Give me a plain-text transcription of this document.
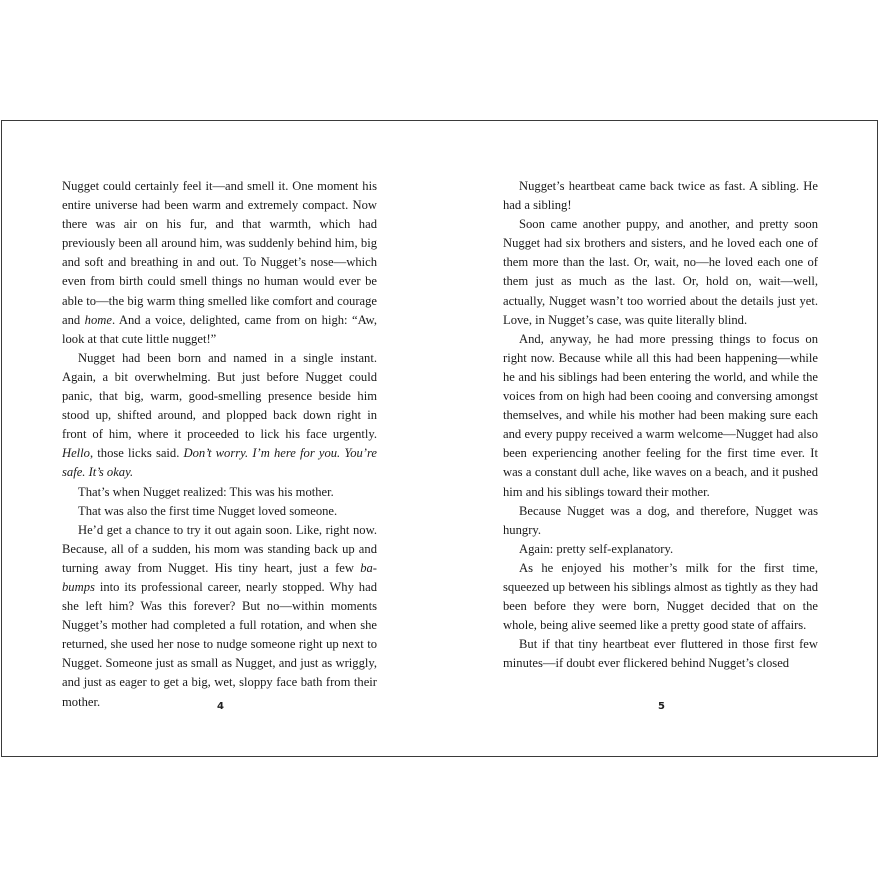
Nugget could certainly feel it—and smell it. One moment his entire universe had been warm and extremely compact. Now there was air on his fur, and that warmth, which had previously been all around him, was suddenly behind him, big and soft and breathing in and out. To Nugget’s nose—which even from birth could smell things no human would ever be able to—the big warm thing smelled like comfort and courage and home. And a voice, delighted, came from on high: “Aw, look at that cute little nugget!”

Nugget had been born and named in a single instant. Again, a bit overwhelming. But just before Nugget could panic, that big, warm, good-smelling presence beside him stood up, shifted around, and plopped back down right in front of him, where it proceeded to lick his face urgently. Hello, those licks said. Don’t worry. I’m here for you. You’re safe. It’s okay.

That’s when Nugget realized: This was his mother.

That was also the first time Nugget loved someone.

He’d get a chance to try it out again soon. Like, right now. Because, all of a sudden, his mom was standing back up and turning away from Nugget. His tiny heart, just a few ba-bumps into its professional career, nearly stopped. Why had she left him? Was this forever? But no—within moments Nugget’s mother had completed a full rotation, and when she returned, she used her nose to nudge someone right up next to Nugget. Someone just as small as Nugget, and just as wriggly, and just as eager to get a big, wet, sloppy face bath from their mother.	4

Nugget’s heartbeat came back twice as fast. A sibling. He had a sibling!

Soon came another puppy, and another, and pretty soon Nugget had six brothers and sisters, and he loved each one of them more than the last. Or, wait, no—he loved each one of them just as much as the last. Or, hold on, wait—well, actually, Nugget wasn’t too worried about the details just yet. Love, in Nugget’s case, was quite literally blind.

And, anyway, he had more pressing things to focus on right now. Because while all this had been happening—while he and his siblings had been entering the world, and while the voices from on high had been cooing and conversing amongst themselves, and while his mother had been making sure each and every puppy received a warm welcome—Nugget had also been experiencing another feeling for the first time ever. It was a constant dull ache, like waves on a beach, and it pushed him and his siblings toward their mother.

Because Nugget was a dog, and therefore, Nugget was hungry.

Again: pretty self-explanatory.

As he enjoyed his mother’s milk for the first time, squeezed up between his siblings almost as tightly as they had been before they were born, Nugget decided that on the whole, being alive seemed like a pretty good state of affairs.

But if that tiny heartbeat ever fluttered in those first few minutes—if doubt ever flickered behind Nugget’s closed

5
